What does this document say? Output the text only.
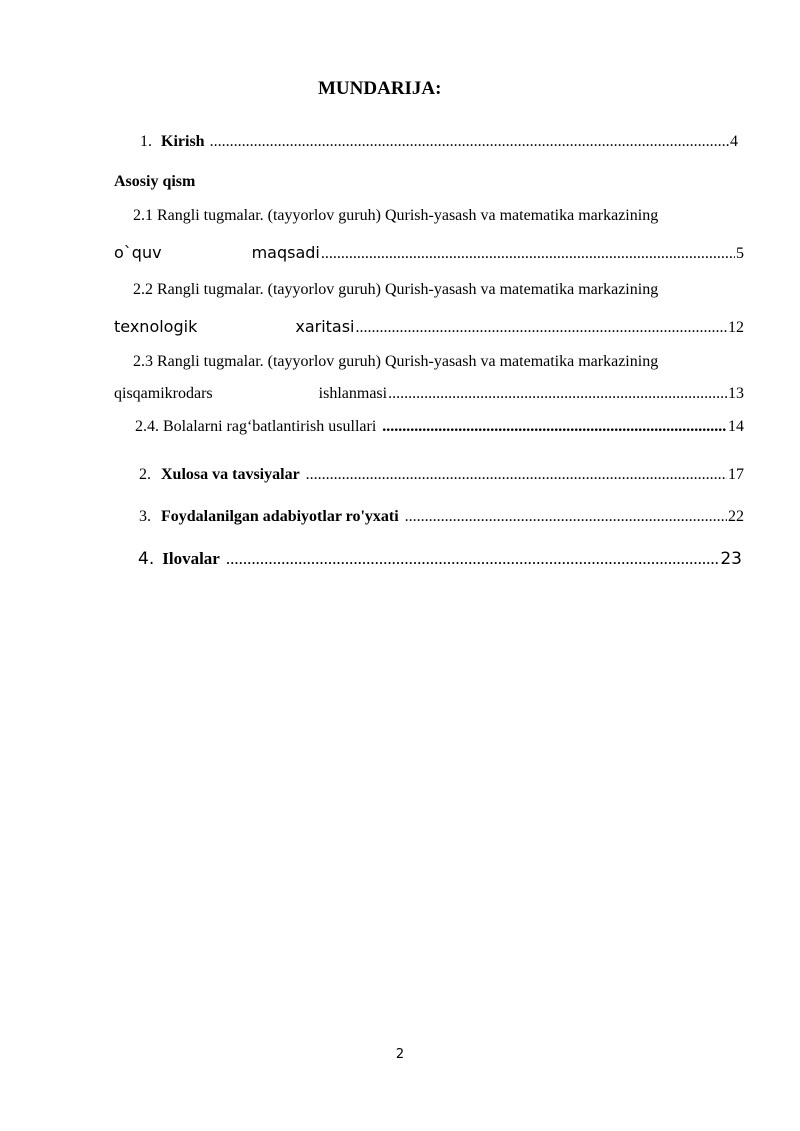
MUNDARIJA:
1. Kirish .....	4
Asosiy qism
2.1 Rangli tugmalar. (tayyorlov guruh) Qurish-yasash va matematika markazining
o`quv	maqsadi .....	5
2.2 Rangli tugmalar. (tayyorlov guruh) Qurish-yasash va matematika markazining
texnologik	xaritasi .....	12
2.3 Rangli tugmalar. (tayyorlov guruh) Qurish-yasash va matematika markazining
qisqamikrodars	ishlanmasi .....	13
2.4. Bolalarni rag‘batlantirish usullari .....	14
2. Xulosa va tavsiyalar .....	17
3. Foydalanilgan adabiyotlar ro'yxati .....	22
4. Ilovalar .....	23
2
